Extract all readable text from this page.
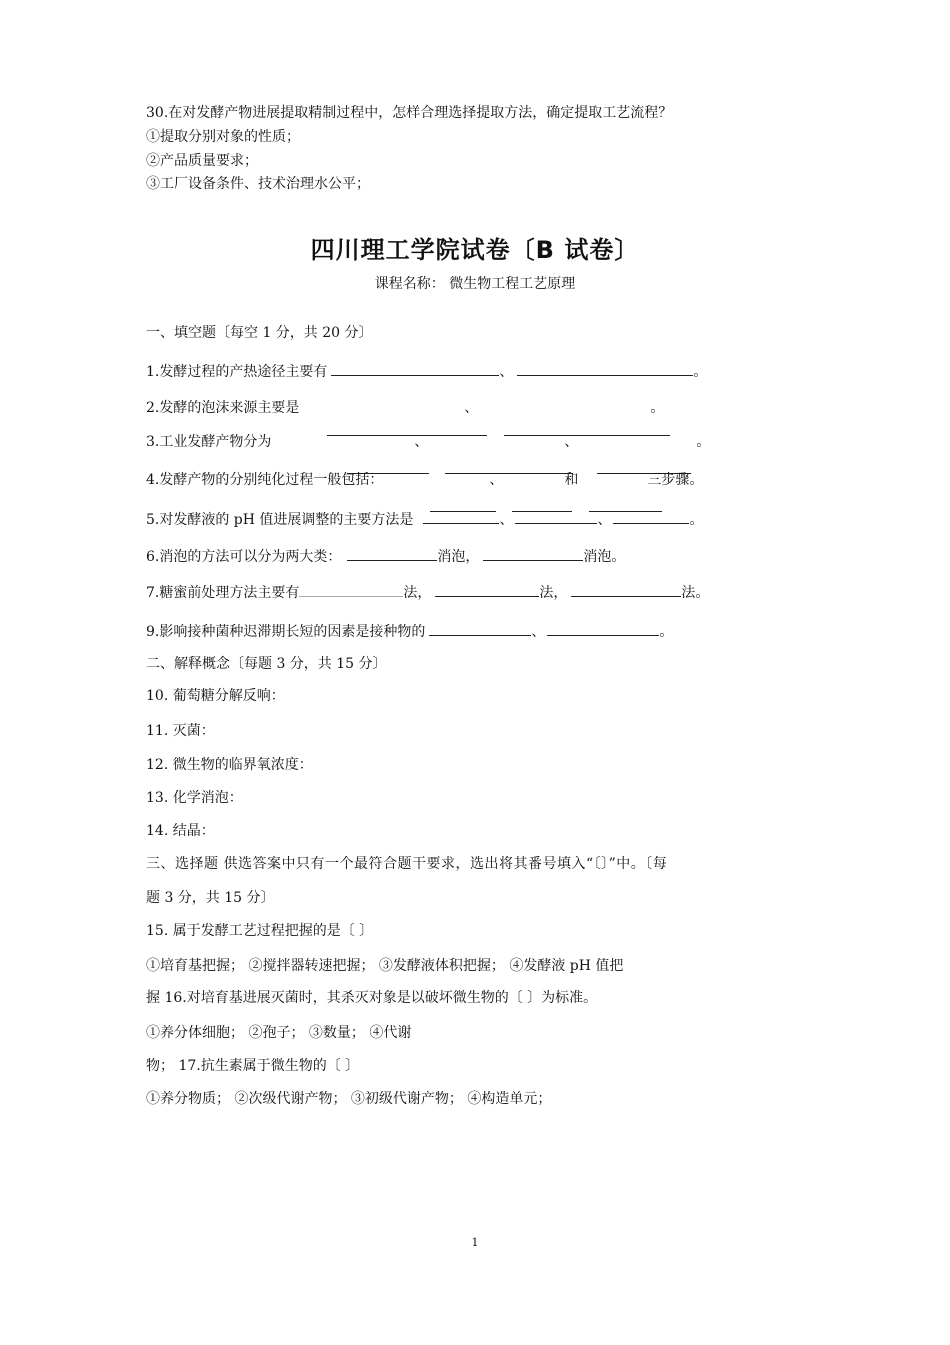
30.在对发酵产物进展提取精制过程中，怎样合理选择提取方法，确定提取工艺流程？
①提取分别对象的性质；
②产品质量要求；
③工厂设备条件、技术治理水公平；
四川理工学院试卷〔B 试卷〕
课程名称： 微生物工程工艺原理
一、填空题〔每空 1 分，共 20 分〕
1.发酵过程的产热途径主要有	、	。
2.发酵的泡沫来源主要是	、	。
3.工业发酵产物分为	、	、	。
4.发酵产物的分别纯化过程一般包括：	、	和	三步骤。
5.对发酵液的 pH 值进展调整的主要方法是	、	、	。
6.消泡的方法可以分为两大类：	消泡，	消泡。
7.糖蜜前处理方法主要有	法，	法，	法。
9.影响接种菌种迟滞期长短的因素是接种物的	、	。
二、解释概念〔每题 3 分，共 15 分〕
10. 葡萄糖分解反响：
11. 灭菌：
12. 微生物的临界氧浓度：
13. 化学消泡：
14. 结晶：
三、选择题 供选答案中只有一个最符合题干要求，选出将其番号填入“〔〕”中。〔每
题 3 分，共 15 分〕
15. 属于发酵工艺过程把握的是〔 〕
①培育基把握； ②搅拌器转速把握； ③发酵液体积把握； ④发酵液 pH 值把
握 16.对培育基进展灭菌时，其杀灭对象是以破坏微生物的〔 〕为标准。
①养分体细胞； ②孢子； ③数量； ④代谢
物； 17.抗生素属于微生物的〔 〕
①养分物质； ②次级代谢产物； ③初级代谢产物； ④构造单元；
1
